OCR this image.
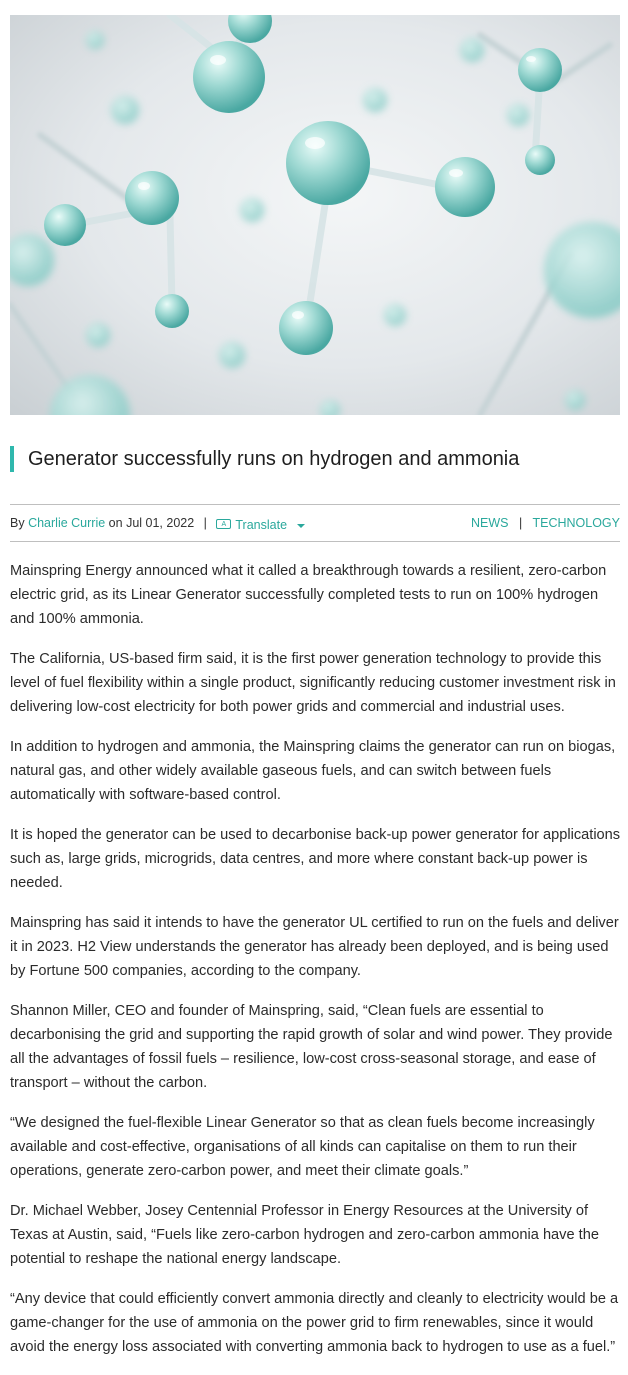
Generator successfully runs on hydrogen and ammonia
By Charlie Currie on Jul 01, 2022 |	A Translate	NEWS | TECHNOLOGY

Mainspring Energy announced what it called a breakthrough towards a resilient, zero-carbon electric grid, as its Linear Generator successfully completed tests to run on 100% hydrogen and 100% ammonia.

The California, US-based firm said, it is the first power generation technology to provide this level of fuel flexibility within a single product, significantly reducing customer investment risk in delivering low-cost electricity for both power grids and commercial and industrial uses.

In addition to hydrogen and ammonia, the Mainspring claims the generator can run on biogas, natural gas, and other widely available gaseous fuels, and can switch between fuels automatically with software-based control.

It is hoped the generator can be used to decarbonise back-up power generator for applications such as, large grids, microgrids, data centres, and more where constant back-up power is needed.

Mainspring has said it intends to have the generator UL certified to run on the fuels and deliver it in 2023. H2 View understands the generator has already been deployed, and is being used by Fortune 500 companies, according to the company.

Shannon Miller, CEO and founder of Mainspring, said, “Clean fuels are essential to decarbonising the grid and supporting the rapid growth of solar and wind power. They provide all the advantages of fossil fuels – resilience, low-cost cross-seasonal storage, and ease of transport – without the carbon.

“We designed the fuel-flexible Linear Generator so that as clean fuels become increasingly available and cost-effective, organisations of all kinds can capitalise on them to run their operations, generate zero-carbon power, and meet their climate goals.”

Dr. Michael Webber, Josey Centennial Professor in Energy Resources at the University of Texas at Austin, said, “Fuels like zero-carbon hydrogen and zero-carbon ammonia have the potential to reshape the national energy landscape.

“Any device that could efficiently convert ammonia directly and cleanly to electricity would be a game-changer for the use of ammonia on the power grid to firm renewables, since it would avoid the energy loss associated with converting ammonia back to hydrogen to use as a fuel.”
